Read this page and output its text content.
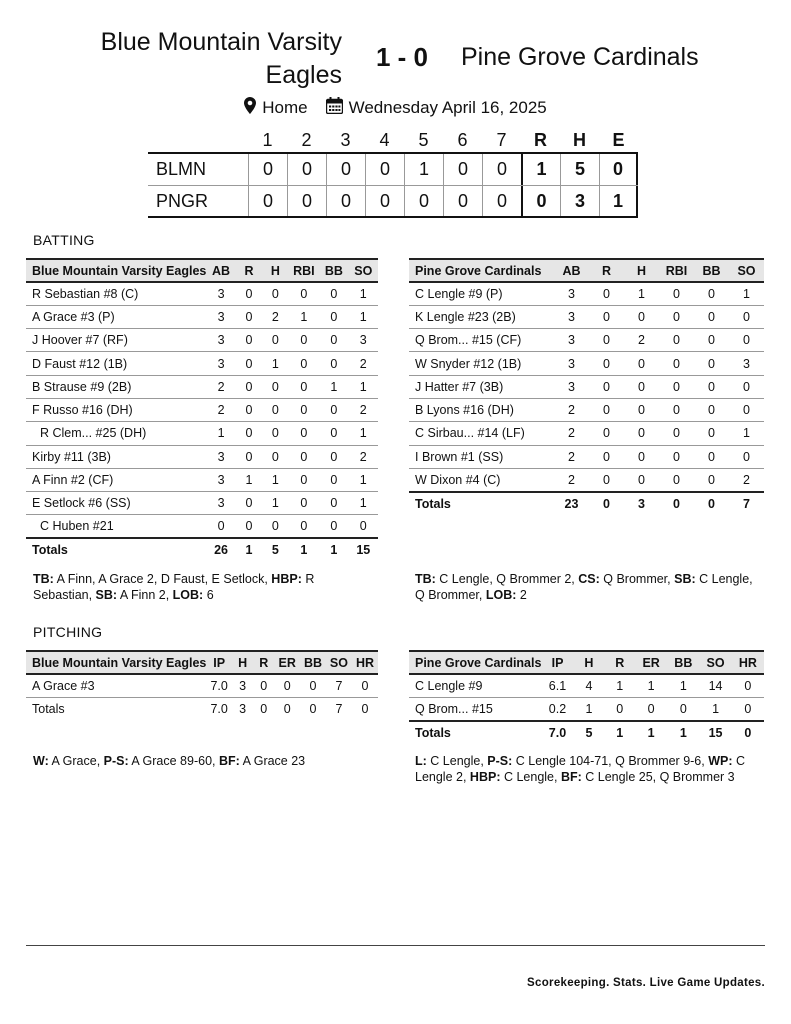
Blue Mountain Varsity Eagles
1 - 0	Pine Grove Cardinals
Home Wednesday April 16, 2025
1	2	3	4	5	6	7	R	H	E
BLMN	0	0	0	0	1	0	0	1	5	0
PNGR	0	0	0	0	0	0	0	0	3	1
BATTING
Blue Mountain Varsity Eagles	AB	R	H	RBI	BB	SO
R Sebastian #8 (C)	3	0	0	0	0	1
A Grace #3 (P)	3	0	2	1	0	1
J Hoover #7 (RF)	3	0	0	0	0	3
D Faust #12 (1B)	3	0	1	0	0	2
B Strause #9 (2B)	2	0	0	0	1	1
F Russo #16 (DH)	2	0	0	0	0	2
R Clem... #25 (DH)	1	0	0	0	0	1
Kirby #11 (3B)	3	0	0	0	0	2
A Finn #2 (CF)	3	1	1	0	0	1
E Setlock #6 (SS)	3	0	1	0	0	1
C Huben #21	0	0	0	0	0	0
Totals	26	1	5	1	1	15
Pine Grove Cardinals	AB	R	H	RBI	BB	SO
C Lengle #9 (P)	3	0	1	0	0	1
K Lengle #23 (2B)	3	0	0	0	0	0
Q Brom... #15 (CF)	3	0	2	0	0	0
W Snyder #12 (1B)	3	0	0	0	0	3
J Hatter #7 (3B)	3	0	0	0	0	0
B Lyons #16 (DH)	2	0	0	0	0	0
C Sirbau... #14 (LF)	2	0	0	0	0	1
I Brown #1 (SS)	2	0	0	0	0	0
W Dixon #4 (C)	2	0	0	0	0	2
Totals	23	0	3	0	0	7
TB: A Finn, A Grace 2, D Faust, E Setlock, HBP: R Sebastian, SB: A Finn 2, LOB: 6
TB: C Lengle, Q Brommer 2, CS: Q Brommer, SB: C Lengle, Q Brommer, LOB: 2
PITCHING
Blue Mountain Varsity Eagles	IP	H	R	ER	BB	SO	HR
A Grace #3	7.0	3	0	0	0	7	0
Totals	7.0	3	0	0	0	7	0
Pine Grove Cardinals	IP	H	R	ER	BB	SO	HR
C Lengle #9	6.1	4	1	1	1	14	0
Q Brom... #15	0.2	1	0	0	0	1	0
Totals	7.0	5	1	1	1	15	0
W: A Grace, P-S: A Grace 89-60, BF: A Grace 23	L: C Lengle, P-S: C Lengle 104-71, Q Brommer 9-6, WP: C Lengle 2, HBP: C Lengle, BF: C Lengle 25, Q Brommer 3
Scorekeeping. Stats. Live Game Updates.
